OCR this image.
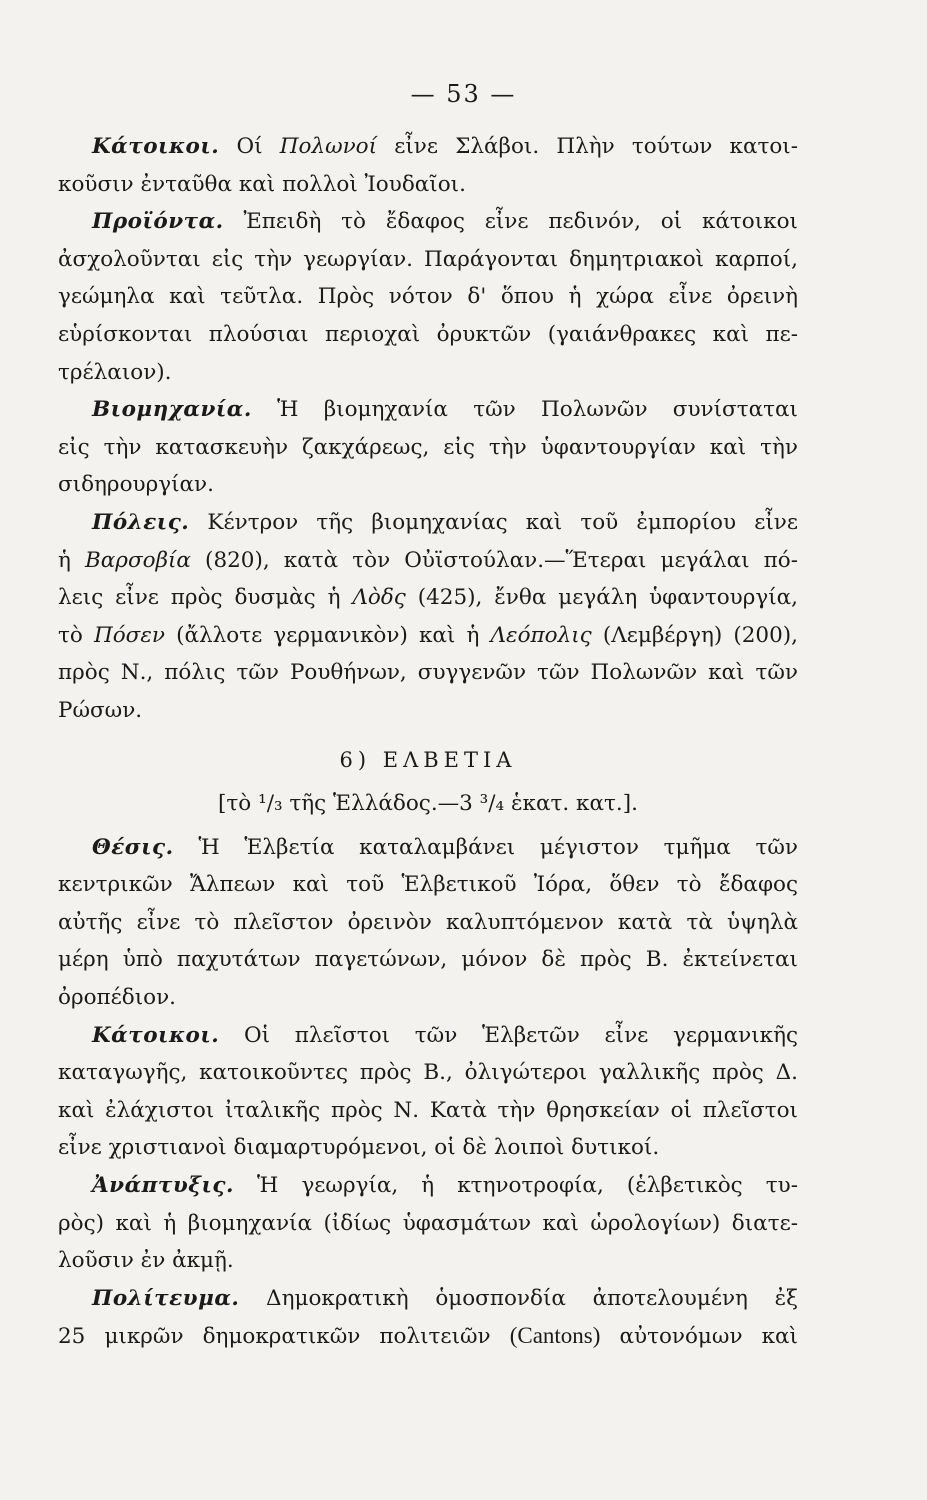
— 53 —
Κάτοικοι. Οί Πολωνοί εἶνε Σλάβοι. Πλὴν τούτων κατοι-
κοῦσιν ἐνταῦθα καὶ πολλοὶ Ἰουδαῖοι.
Προϊόντα. Ἐπειδὴ τὸ ἔδαφος εἶνε πεδινόν, οἱ κάτοικοι
ἀσχολοῦνται εἰς τὴν γεωργίαν. Παράγονται δημητριακοὶ καρποί,
γεώμηλα καὶ τεῦτλα. Πρὸς νότον δ' ὅπου ἡ χώρα εἶνε ὀρεινὴ
εὑρίσκονται πλούσιαι περιοχαὶ ὀρυκτῶν (γαιάνθρακες καὶ πε-
τρέλαιον).
Βιομηχανία. Ἡ βιομηχανία τῶν Πολωνῶν συνίσταται
εἰς τὴν κατασκευὴν ζακχάρεως, εἰς τὴν ὑφαντουργίαν καὶ τὴν
σιδηρουργίαν.
Πόλεις. Κέντρον τῆς βιομηχανίας καὶ τοῦ ἐμπορίου εἶνε
ἡ Βαρσοβία (820), κατὰ τὸν Οὐϊστούλαν.—Ἕτεραι μεγάλαι πό-
λεις εἶνε πρὸς δυσμὰς ἡ Λὸδς (425), ἔνθα μεγάλη ὑφαντουργία,
τὸ Πόσεν (ἄλλοτε γερμανικὸν) καὶ ἡ Λεόπολις (Λεμβέργη) (200),
πρὸς Ν., πόλις τῶν Ρουθήνων, συγγενῶν τῶν Πολωνῶν καὶ τῶν
Ρώσων.
6) ΕΛΒΕΤΙΑ
[τὸ ¹/₃ τῆς Ἑλλάδος.—3 ³/₄ ἑκατ. κατ.].
Θέσις. Ἡ Ἑλβετία καταλαμβάνει μέγιστον τμῆμα τῶν
κεντρικῶν Ἄλπεων καὶ τοῦ Ἑλβετικοῦ Ἰόρα, ὅθεν τὸ ἔδαφος
αὐτῆς εἶνε τὸ πλεῖστον ὀρεινὸν καλυπτόμενον κατὰ τὰ ὑψηλὰ
μέρη ὑπὸ παχυτάτων παγετώνων, μόνον δὲ πρὸς Β. ἐκτείνεται
ὀροπέδιον.
Κάτοικοι. Οἱ πλεῖστοι τῶν Ἑλβετῶν εἶνε γερμανικῆς
καταγωγῆς, κατοικοῦντες πρὸς Β., ὀλιγώτεροι γαλλικῆς πρὸς Δ.
καὶ ἐλάχιστοι ἰταλικῆς πρὸς Ν. Κατὰ τὴν θρησκείαν οἱ πλεῖστοι
εἶνε χριστιανοὶ διαμαρτυρόμενοι, οἱ δὲ λοιποὶ δυτικοί.
Ἀνάπτυξις. Ἡ γεωργία, ἡ κτηνοτροφία, (ἑλβετικὸς τυ-
ρὸς) καὶ ἡ βιομηχανία (ἰδίως ὑφασμάτων καὶ ὡρολογίων) διατε-
λοῦσιν ἐν ἀκμῇ.
Πολίτευμα. Δημοκρατικὴ ὁμοσπονδία ἀποτελουμένη ἐξ
25 μικρῶν δημοκρατικῶν πολιτειῶν (Cantons) αὐτονόμων καὶ
